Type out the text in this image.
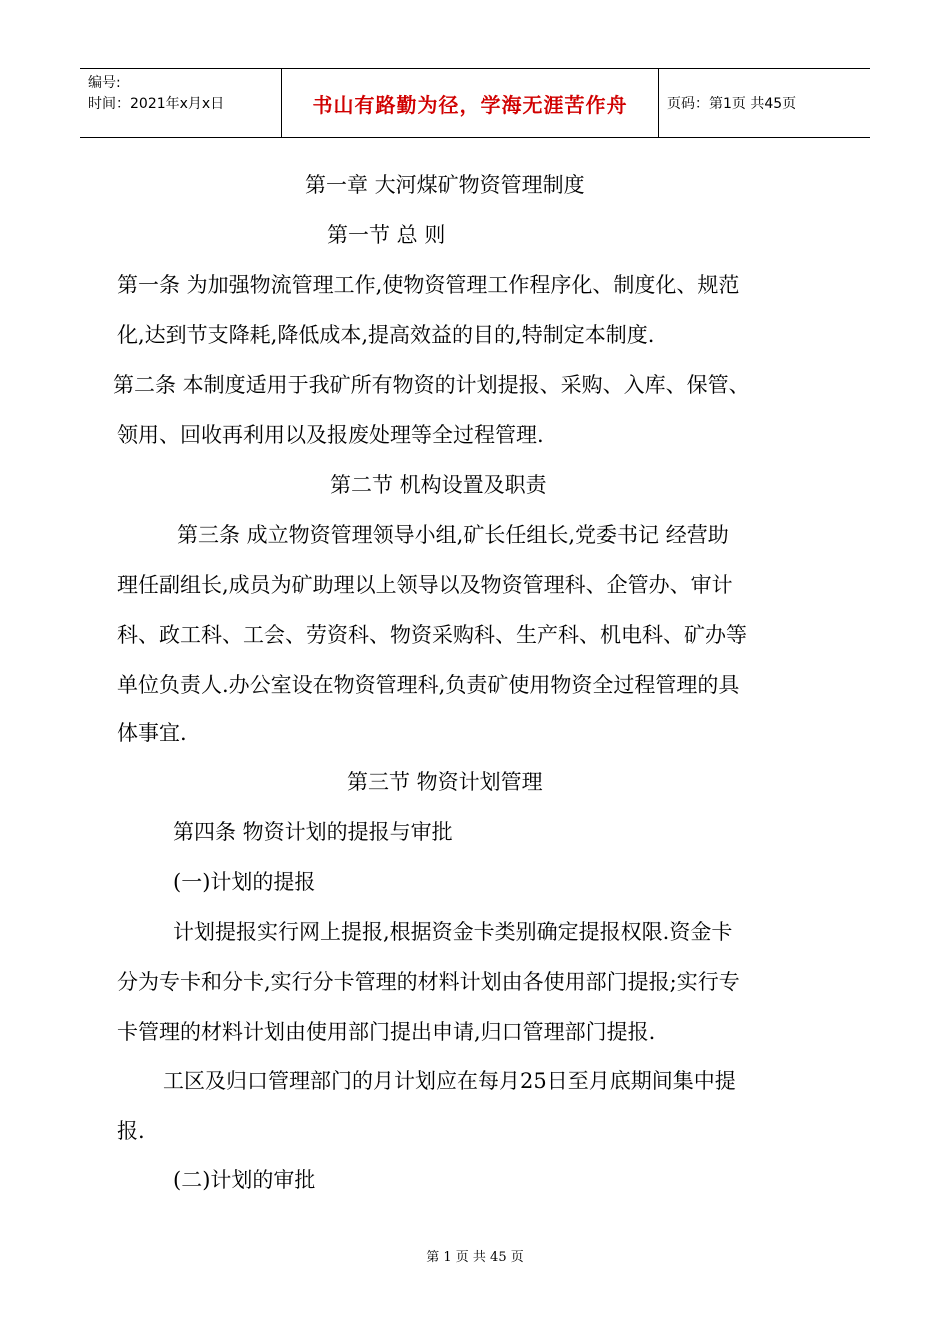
编号:
时间：2021年x月x日	书山有路勤为径，学海无涯苦作舟	页码：第1页 共45页
第一章 大河煤矿物资管理制度
第一节 总 则
第一条 为加强物流管理工作,使物资管理工作程序化、制度化、规范
化,达到节支降耗,降低成本,提高效益的目的,特制定本制度.
第二条 本制度适用于我矿所有物资的计划提报、采购、入库、保管、
领用、回收再利用以及报废处理等全过程管理.
第二节 机构设置及职责
第三条 成立物资管理领导小组,矿长任组长,党委书记 经营助
理任副组长,成员为矿助理以上领导以及物资管理科、企管办、审计
科、政工科、工会、劳资科、物资采购科、生产科、机电科、矿办等
单位负责人.办公室设在物资管理科,负责矿使用物资全过程管理的具
体事宜.
第三节 物资计划管理
第四条 物资计划的提报与审批
(一)计划的提报
计划提报实行网上提报,根据资金卡类别确定提报权限.资金卡
分为专卡和分卡,实行分卡管理的材料计划由各使用部门提报;实行专
卡管理的材料计划由使用部门提出申请,归口管理部门提报.
工区及归口管理部门的月计划应在每月25日至月底期间集中提
报.
(二)计划的审批
第 1 页 共 45 页
